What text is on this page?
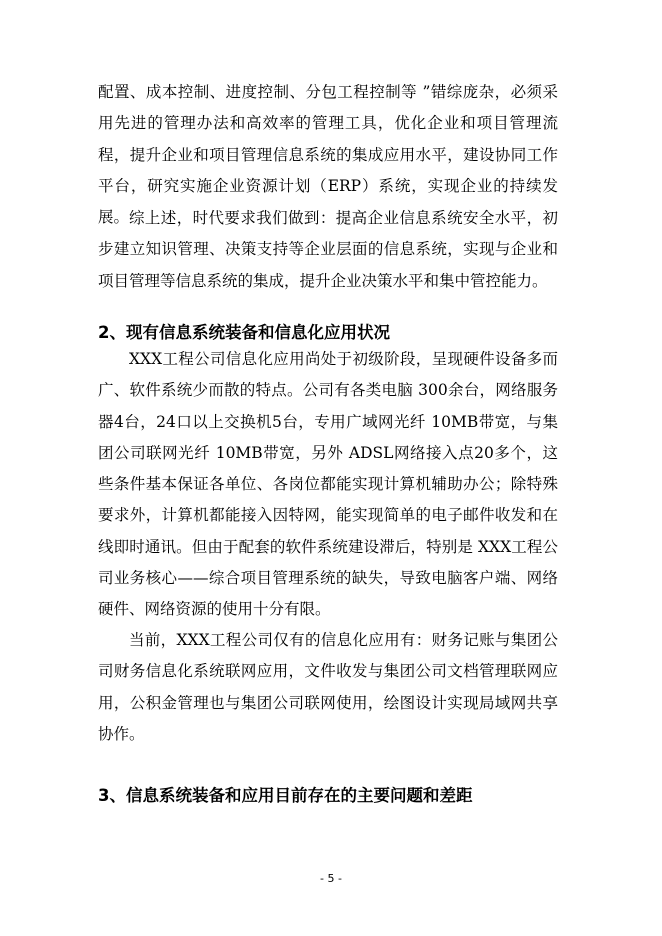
配置、成本控制、进度控制、分包工程控制等 ”错综庞杂，必须采用先进的管理办法和高效率的管理工具，优化企业和项目管理流程，提升企业和项目管理信息系统的集成应用水平，建设协同工作平台，研究实施企业资源计划（ERP）系统，实现企业的持续发展。 综上述，时代要求我们做到：提高企业信息系统安全水平，初步建立知识管理、决策支持等企业层面的信息系统，实现与企业和项目管理等信息系统的集成，提升企业决策水平和集中管控能力。

2、现有信息系统装备和信息化应用状况

XXX工程公司信息化应用尚处于初级阶段，呈现硬件设备多而广、软件系统少而散的特点。公司有各类电脑 300余台，网络服务器4台，24口以上交换机5台，专用广域网光纤 10MB带宽，与集团公司联网光纤 10MB带宽，另外 ADSL网络接入点20多个，这些条件基本保证各单位、各岗位都能实现计算机辅助办公；除特殊要求外，计算机都能接入因特网，能实现简单的电子邮件收发和在线即时通讯。但由于配套的软件系统建设滞后，特别是 XXX工程公司业务核心——综合项目管理系统的缺失，导致电脑客户端、网络硬件、网络资源的使用十分有限。

当前，XXX工程公司仅有的信息化应用有：财务记账与集团公司财务信息化系统联网应用，文件收发与集团公司文档管理联网应用，公积金管理也与集团公司联网使用，绘图设计实现局域网共享协作。

3、信息系统装备和应用目前存在的主要问题和差距
- 5 -
